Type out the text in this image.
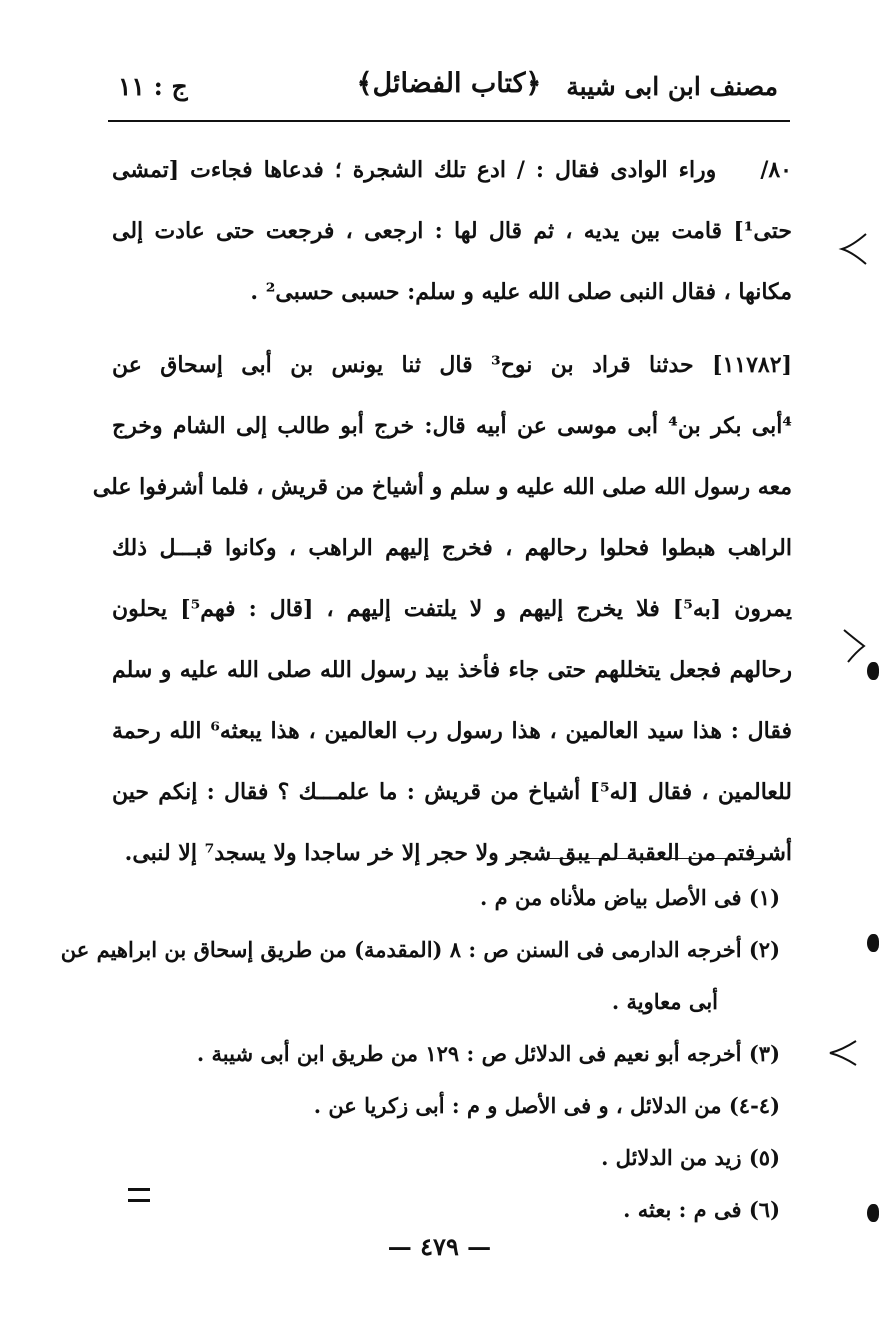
مصنف ابن ابى شيبة
﴿كتاب الفضائل﴾
ج : ١١
٨٠/وراء الوادى فقال : / ادع تلك الشجرة ؛ فدعاها فجاءت [تمشى
حتى¹] قامت بين يديه ، ثم قال لها : ارجعى ، فرجعت حتى عادت إلى
مكانها ، فقال النبى صلى الله عليه و سلم: حسبى حسبى² .
[١١٧٨٢] حدثنا قراد بن نوح³ قال ثنا يونس بن أبى إسحاق عن
⁴أبى بكر بن⁴ أبى موسى عن أبيه قال: خرج أبو طالب إلى الشام وخرج
معه رسول الله صلى الله عليه و سلم و أشياخ من قريش ، فلما أشرفوا على
الراهب هبطوا فحلوا رحالهم ، فخرج إليهم الراهب ، وكانوا قبـــل ذلك
يمرون [به⁵] فلا يخرج إليهم و لا يلتفت إليهم ، [قال : فهم⁵] يحلون
رحالهم فجعل يتخللهم حتى جاء فأخذ بيد رسول الله صلى الله عليه و سلم
فقال : هذا سيد العالمين ، هذا رسول رب العالمين ، هذا يبعثه⁶ الله رحمة
للعالمين ، فقال [له⁵] أشياخ من قريش : ما علمـــك ؟ فقال : إنكم حين
أشرفتم من العقبة لم يبق شجر ولا حجر إلا خر ساجدا ولا يسجد⁷ إلا لنبى.
(١) فى الأصل بياض ملأناه من م .
(٢) أخرجه الدارمى فى السنن ص : ٨ (المقدمة) من طريق إسحاق بن ابراهيم عن
أبى معاوية .
(٣) أخرجه أبو نعيم فى الدلائل ص : ١٢٩ من طريق ابن أبى شيبة .
(٤-٤) من الدلائل ، و فى الأصل و م : أبى زكريا عن .
(٥) زيد من الدلائل .
(٦) فى م : بعثه .
— ٤٧٩ —
